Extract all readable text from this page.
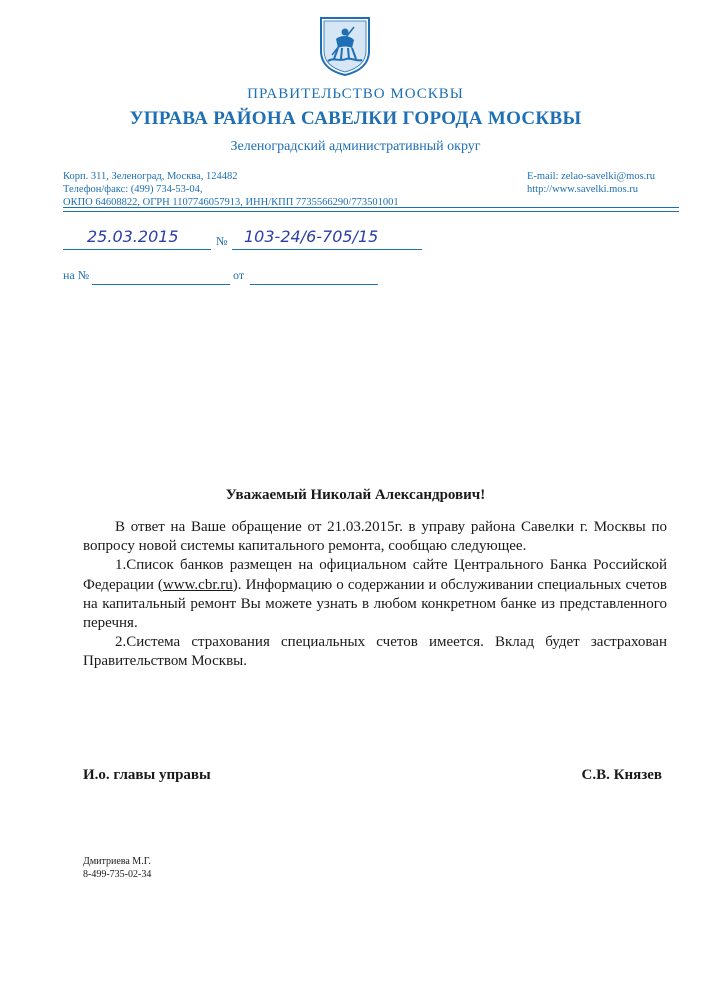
ПРАВИТЕЛЬСТВО МОСКВЫ
УПРАВА РАЙОНА САВЕЛКИ ГОРОДА МОСКВЫ
Зеленоградский административный округ
Корп. 311, Зеленоград, Москва, 124482
Телефон/факс: (499) 734-53-04,
ОКПО 64608822, ОГРН 1107746057913, ИНН/КПП 7735566290/773501001
E-mail: zelao-savelki@mos.ru
http://www.savelki.mos.ru
25.03.2015	№ 103-24/6-705/15
на №	от
Уважаемый Николай Александрович!

В ответ на Ваше обращение от 21.03.2015г. в управу района Савелки г. Москвы по вопросу новой системы капитального ремонта, сообщаю следующее.

1.Список банков размещен на официальном сайте Центрального Банка Российской Федерации (www.cbr.ru). Информацию о содержании и обслуживании специальных счетов на капитальный ремонт Вы можете узнать в любом конкретном банке из представленного перечня.

2.Система страхования специальных счетов имеется. Вклад будет застрахован Правительством Москвы.

И.о. главы управы	С.В. Князев
Дмитриева М.Г.
8-499-735-02-34
